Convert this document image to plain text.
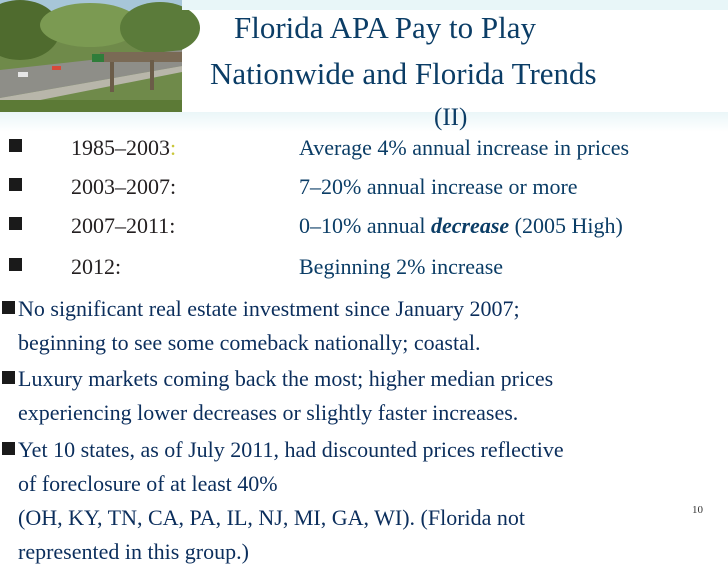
Florida APA Pay to Play
Nationwide and Florida Trends
(II)
1985–2003:	Average 4% annual increase in prices
2003–2007:	7–20% annual increase or more
2007–2011:	0–10% annual decrease (2005 High)
2012:	Beginning 2% increase
No significant real estate investment since January 2007;
beginning to see some comeback nationally; coastal.
Luxury markets coming back the most; higher median prices
experiencing lower decreases or slightly faster increases.
Yet 10 states, as of July 2011, had discounted prices reflective
of foreclosure of at least 40%
(OH, KY, TN, CA, PA, IL, NJ, MI, GA, WI). (Florida not
represented in this group.)
10
